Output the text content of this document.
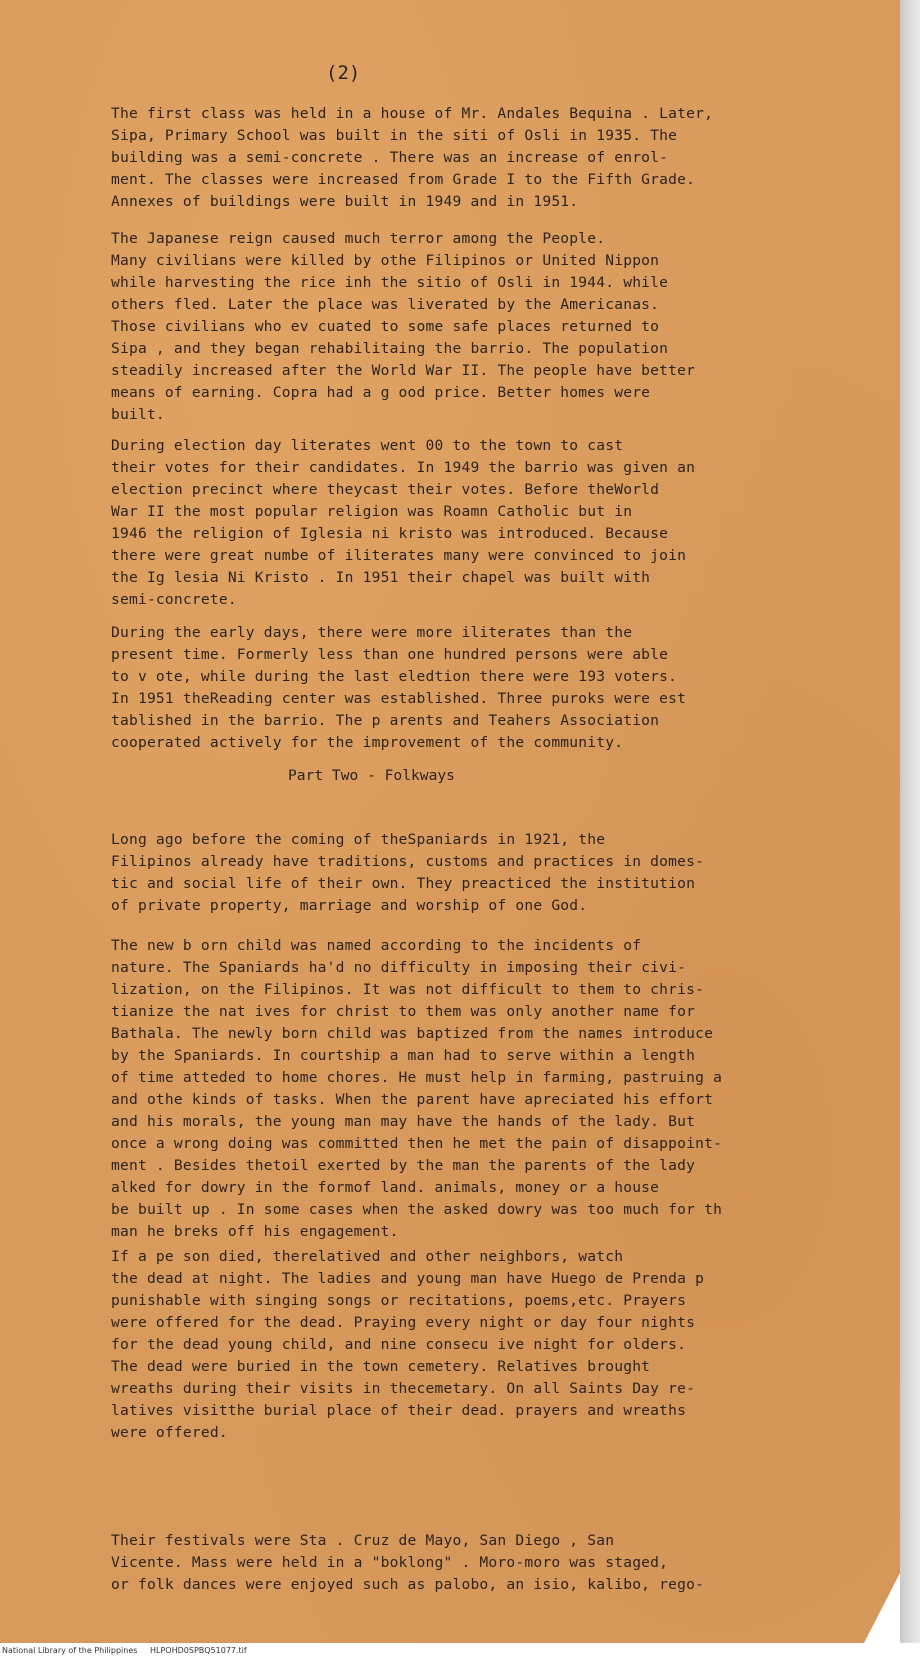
(2)
The first class was held in a house of Mr. Andales Bequina . Later,
Sipa, Primary School was built in the siti of Osli in 1935. The
building was a semi-concrete . There was an increase of enrol-
ment. The classes were increased from Grade I to the Fifth Grade.
Annexes of buildings were built in 1949 and in 1951.
The Japanese reign caused much terror among the People.
Many civilians were killed by othe Filipinos or United Nippon
while harvesting the rice inh the sitio of Osli in 1944. while
others fled. Later the place was liverated by the Americanas.
Those civilians who ev cuated to some safe places returned to
Sipa , and they began rehabilitaing the barrio. The population
steadily increased after the World War II. The people have better
means of earning. Copra had a g ood price. Better homes were
built.
During election day literates went 00 to the town to cast
their votes for their candidates. In 1949 the barrio was given an
election precinct where theycast their votes. Before theWorld
War II the most popular religion was Roamn Catholic but in
1946 the religion of Iglesia ni kristo was introduced. Because
there were great numbe of iliterates many were convinced to join
the Ig lesia Ni Kristo . In 1951 their chapel was built with
semi-concrete.
During the early days, there were more iliterates than the
present time. Formerly less than one hundred persons were able
to v ote, while during the last eledtion there were 193 voters.
In 1951 theReading center was established. Three puroks were est
tablished in the barrio. The p arents and Teahers Association
cooperated actively for the improvement of the community.
Part Two - Folkways
Long ago before the coming of theSpaniards in 1921, the
Filipinos already have traditions, customs and practices in domes-
tic and social life of their own. They preacticed the institution
of private property, marriage and worship of one God.
The new b orn child was named according to the incidents of
nature. The Spaniards ha'd no difficulty in imposing their civi-
lization, on the Filipinos. It was not difficult to them to chris-
tianize the nat ives for christ to them was only another name for
Bathala. The newly born child was baptized from the names introduce
by the Spaniards. In courtship a man had to serve within a length
of time atteded to home chores. He must help in farming, pastruing a
and othe kinds of tasks. When the parent have apreciated his effort
and his morals, the young man may have the hands of the lady. But
once a wrong doing was committed then he met the pain of disappoint-
ment . Besides thetoil exerted by the man the parents of the lady
alked for dowry in the formof land. animals, money or a house
be built up . In some cases when the asked dowry was too much for th
man he breks off his engagement.
If a pe son died, therelatived and other neighbors, watch
the dead at night. The ladies and young man have Huego de Prenda p
punishable with singing songs or recitations, poems,etc. Prayers
were offered for the dead. Praying every night or day four nights
for the dead young child, and nine consecu ive night for olders.
The dead were buried in the town cemetery. Relatives brought
wreaths during their visits in thecemetary. On all Saints Day re-
latives visitthe burial place of their dead. prayers and wreaths
were offered.
Their festivals were Sta . Cruz de Mayo, San Diego , San
Vicente. Mass were held in a "boklong" . Moro-moro was staged,
or folk dances were enjoyed such as palobo, an isio, kalibo, rego-
National Library of the Philippines HLPOHD0SPBQ51077.tif
